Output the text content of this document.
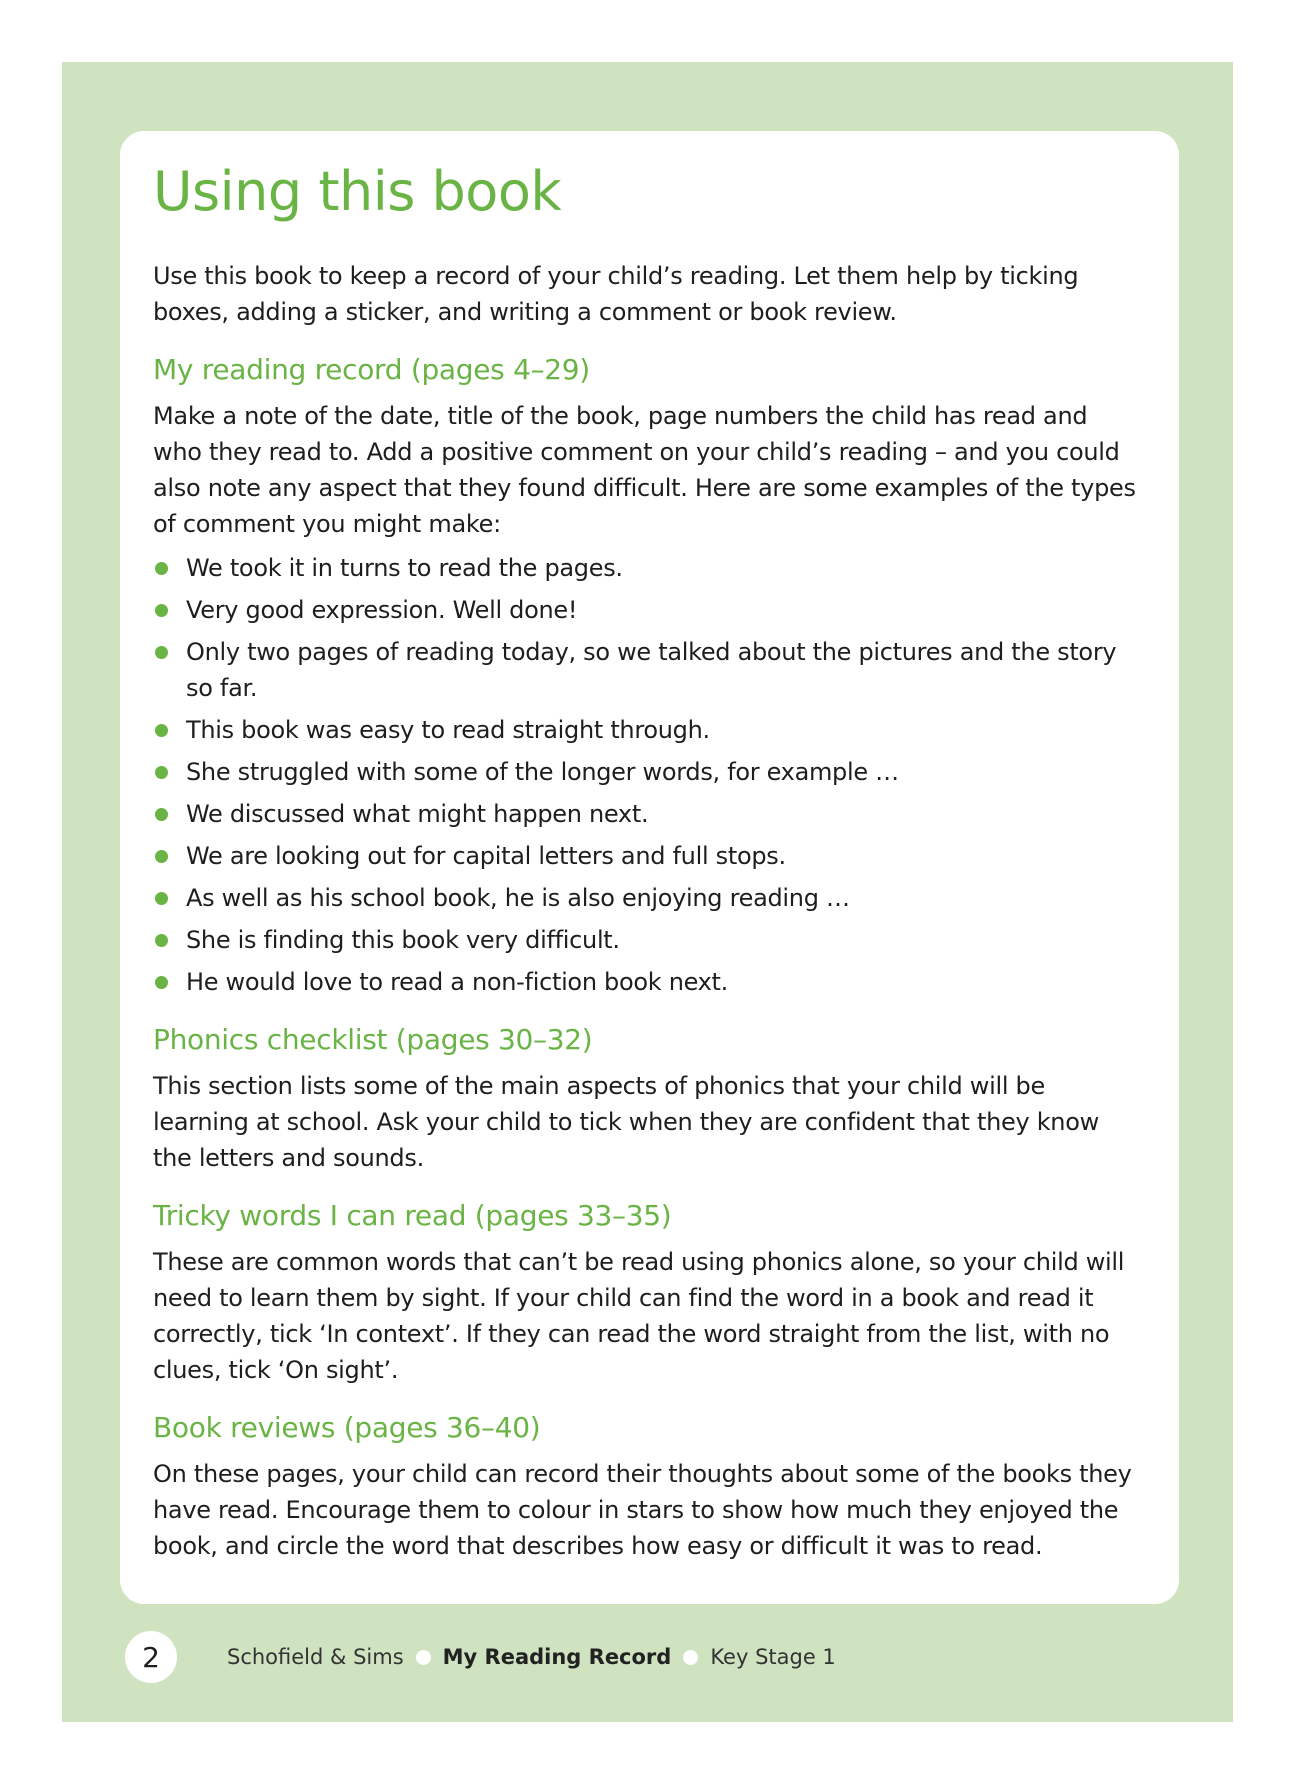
Using this book

Use this book to keep a record of your child’s reading. Let them help by ticking boxes, adding a sticker, and writing a comment or book review.

My reading record (pages 4–29)

Make a note of the date, title of the book, page numbers the child has read and who they read to. Add a positive comment on your child’s reading – and you could also note any aspect that they found difficult. Here are some examples of the types of comment you might make:

We took it in turns to read the pages.
Very good expression. Well done!
Only two pages of reading today, so we talked about the pictures and the story so far.
This book was easy to read straight through.
She struggled with some of the longer words, for example …
We discussed what might happen next.
We are looking out for capital letters and full stops.
As well as his school book, he is also enjoying reading …
She is finding this book very difficult.
He would love to read a non-fiction book next.
Phonics checklist (pages 30–32)

This section lists some of the main aspects of phonics that your child will be learning at school. Ask your child to tick when they are confident that they know the letters and sounds.

Tricky words I can read (pages 33–35)

These are common words that can’t be read using phonics alone, so your child will need to learn them by sight. If your child can find the word in a book and read it correctly, tick ‘In context’. If they can read the word straight from the list, with no clues, tick ‘On sight’.

Book reviews (pages 36–40)

On these pages, your child can record their thoughts about some of the books they have read. Encourage them to colour in stars to show how much they enjoyed the book, and circle the word that describes how easy or difficult it was to read.

2	Schofield & Sims My Reading Record Key Stage 1
